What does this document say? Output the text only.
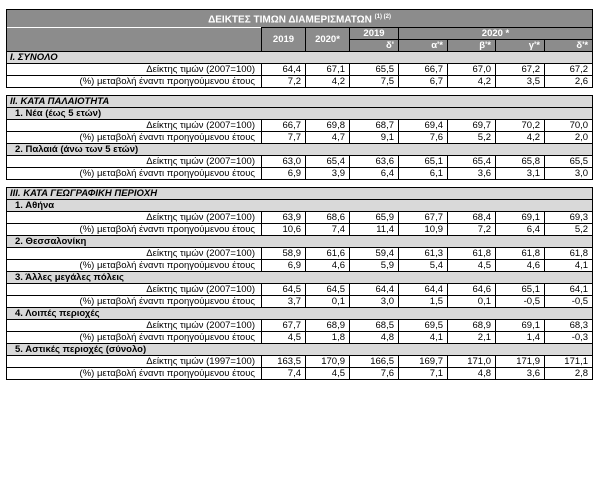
ΔΕΙΚΤΕΣ ΤΙΜΩΝ ΔΙΑΜΕΡΙΣΜΑΤΩΝ $^{(1) (2)}$
	2019	2020*	2019	2020 *			
			δ'	α'*	β'*	γ'*	δ'*
I. ΣΥΝΟΛΟ							
Δείκτης τιμών (2007=100)	64,4	67,1	65,5	66,7	67,0	67,2	67,2
(%) μεταβολή έναντι προηγούμενου έτους	7,2	4,2	7,5	6,7	4,2	3,5	2,6

II. ΚΑΤΑ ΠΑΛΑΙΟΤΗΤΑ							
1. Νέα (έως 5 ετών)							
Δείκτης τιμών (2007=100)	66,7	69,8	68,7	69,4	69,7	70,2	70,0
(%) μεταβολή έναντι προηγούμενου έτους	7,7	4,7	9,1	7,6	5,2	4,2	2,0
2. Παλαιά (άνω των 5 ετών)							
Δείκτης τιμών (2007=100)	63,0	65,4	63,6	65,1	65,4	65,8	65,5
(%) μεταβολή έναντι προηγούμενου έτους	6,9	3,9	6,4	6,1	3,6	3,1	3,0

III. ΚΑΤΑ ΓΕΩΓΡΑΦΙΚΗ ΠΕΡΙΟΧΗ							
1. Αθήνα							
Δείκτης τιμών (2007=100)	63,9	68,6	65,9	67,7	68,4	69,1	69,3
(%) μεταβολή έναντι προηγούμενου έτους	10,6	7,4	11,4	10,9	7,2	6,4	5,2
2. Θεσσαλονίκη							
Δείκτης τιμών (2007=100)	58,9	61,6	59,4	61,3	61,8	61,8	61,8
(%) μεταβολή έναντι προηγούμενου έτους	6,9	4,6	5,9	5,4	4,5	4,6	4,1
3. Άλλες μεγάλες πόλεις							
Δείκτης τιμών (2007=100)	64,5	64,5	64,4	64,4	64,6	65,1	64,1
(%) μεταβολή έναντι προηγούμενου έτους	3,7	0,1	3,0	1,5	0,1	-0,5	-0,5
4. Λοιπές περιοχές							
Δείκτης τιμών (2007=100)	67,7	68,9	68,5	69,5	68,9	69,1	68,3
(%) μεταβολή έναντι προηγούμενου έτους	4,5	1,8	4,8	4,1	2,1	1,4	-0,3
5. Αστικές περιοχές (σύνολο)							
Δείκτης τιμών (1997=100)	163,5	170,9	166,5	169,7	171,0	171,9	171,1
(%) μεταβολή έναντι προηγούμενου έτους	7,4	4,5	7,6	7,1	4,8	3,6	2,8
